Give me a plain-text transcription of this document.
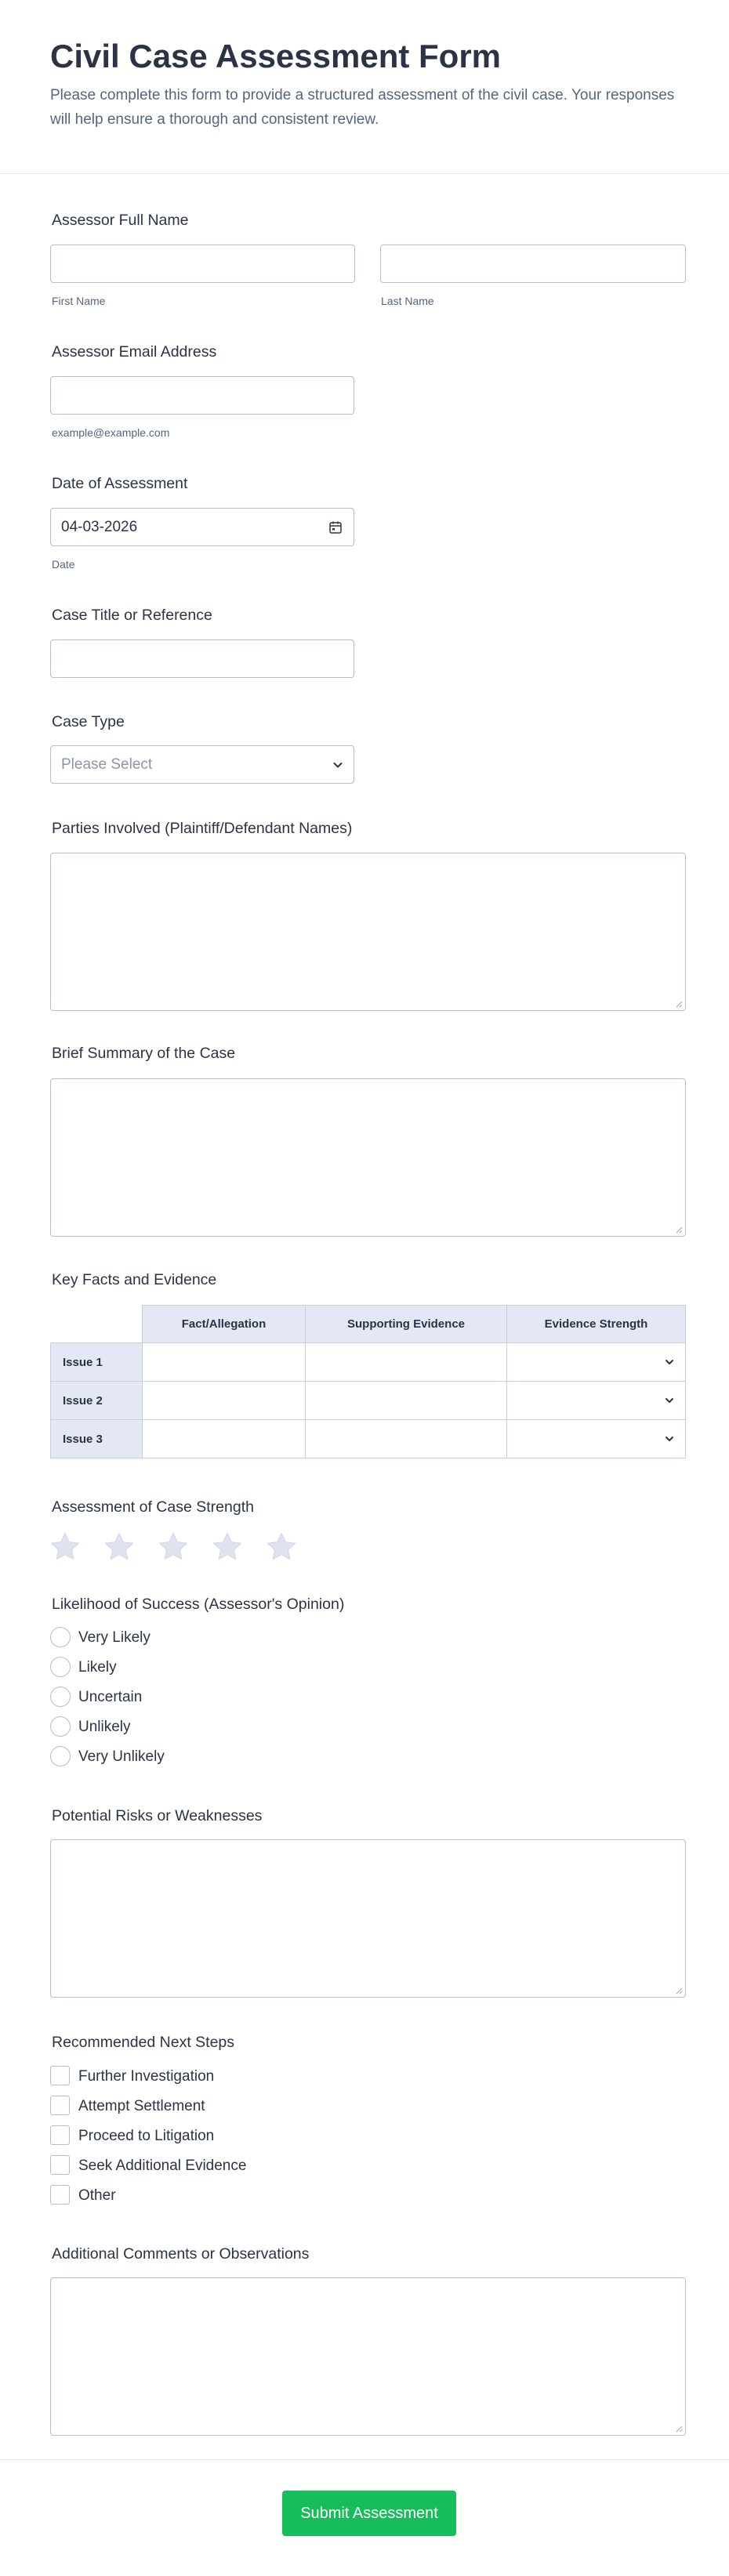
Civil Case Assessment Form
Please complete this form to provide a structured assessment of the civil case. Your responses will help ensure a thorough and consistent review.
Assessor Full Name
First Name	Last Name
Assessor Email Address
example@example.com
Date of Assessment
04-03-2026
Date
Case Title or Reference
Case Type
Please Select
Parties Involved (Plaintiff/Defendant Names)
Brief Summary of the Case
Key Facts and Evidence
Fact/Allegation	Supporting Evidence	Evidence Strength
Issue 1
Issue 2
Issue 3
Assessment of Case Strength
Likelihood of Success (Assessor's Opinion)
Very Likely
Likely
Uncertain
Unlikely
Very Unlikely
Potential Risks or Weaknesses
Recommended Next Steps
Further Investigation
Attempt Settlement
Proceed to Litigation
Seek Additional Evidence
Other
Additional Comments or Observations
Submit Assessment
